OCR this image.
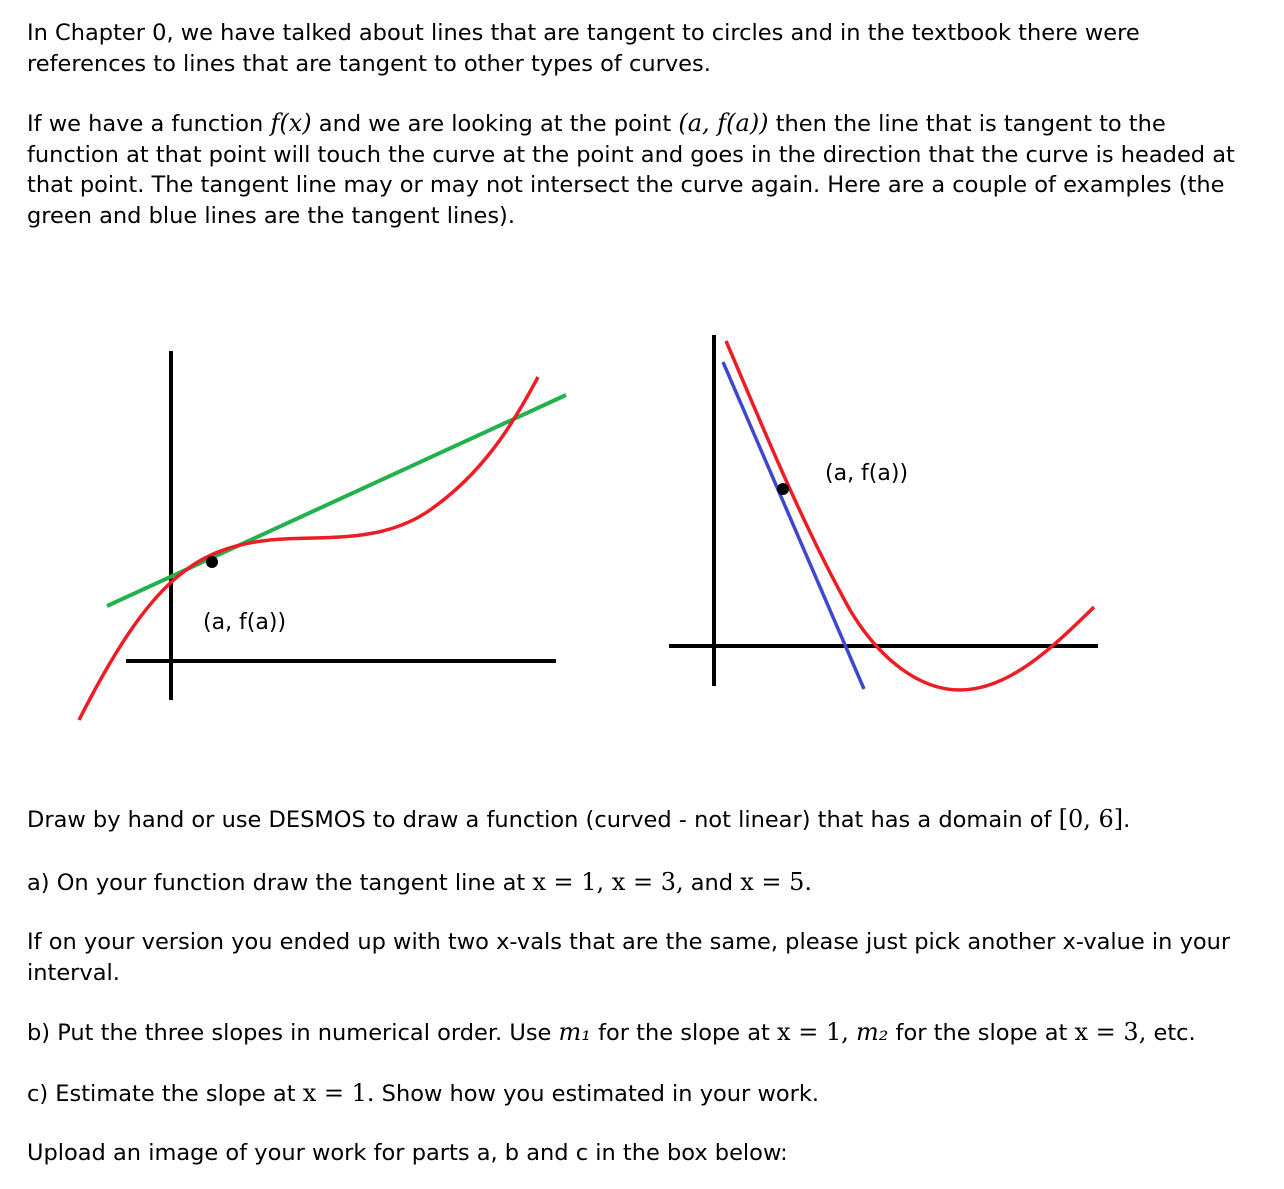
In Chapter 0, we have talked about lines that are tangent to circles and in the textbook there were references to lines that are tangent to other types of curves.

If we have a function f(x) and we are looking at the point (a, f(a)) then the line that is tangent to the function at that point will touch the curve at the point and goes in the direction that the curve is headed at that point. The tangent line may or may not intersect the curve again. Here are a couple of examples (the green and blue lines are the tangent lines).

(a, f(a))
(a, f(a))

Draw by hand or use DESMOS to draw a function (curved - not linear) that has a domain of [0, 6].

a) On your function draw the tangent line at x = 1, x = 3, and x = 5.

If on your version you ended up with two x-vals that are the same, please just pick another x-value in your interval.

b) Put the three slopes in numerical order. Use m₁ for the slope at x = 1, m₂ for the slope at x = 3, etc.

c) Estimate the slope at x = 1. Show how you estimated in your work.

Upload an image of your work for parts a, b and c in the box below:
